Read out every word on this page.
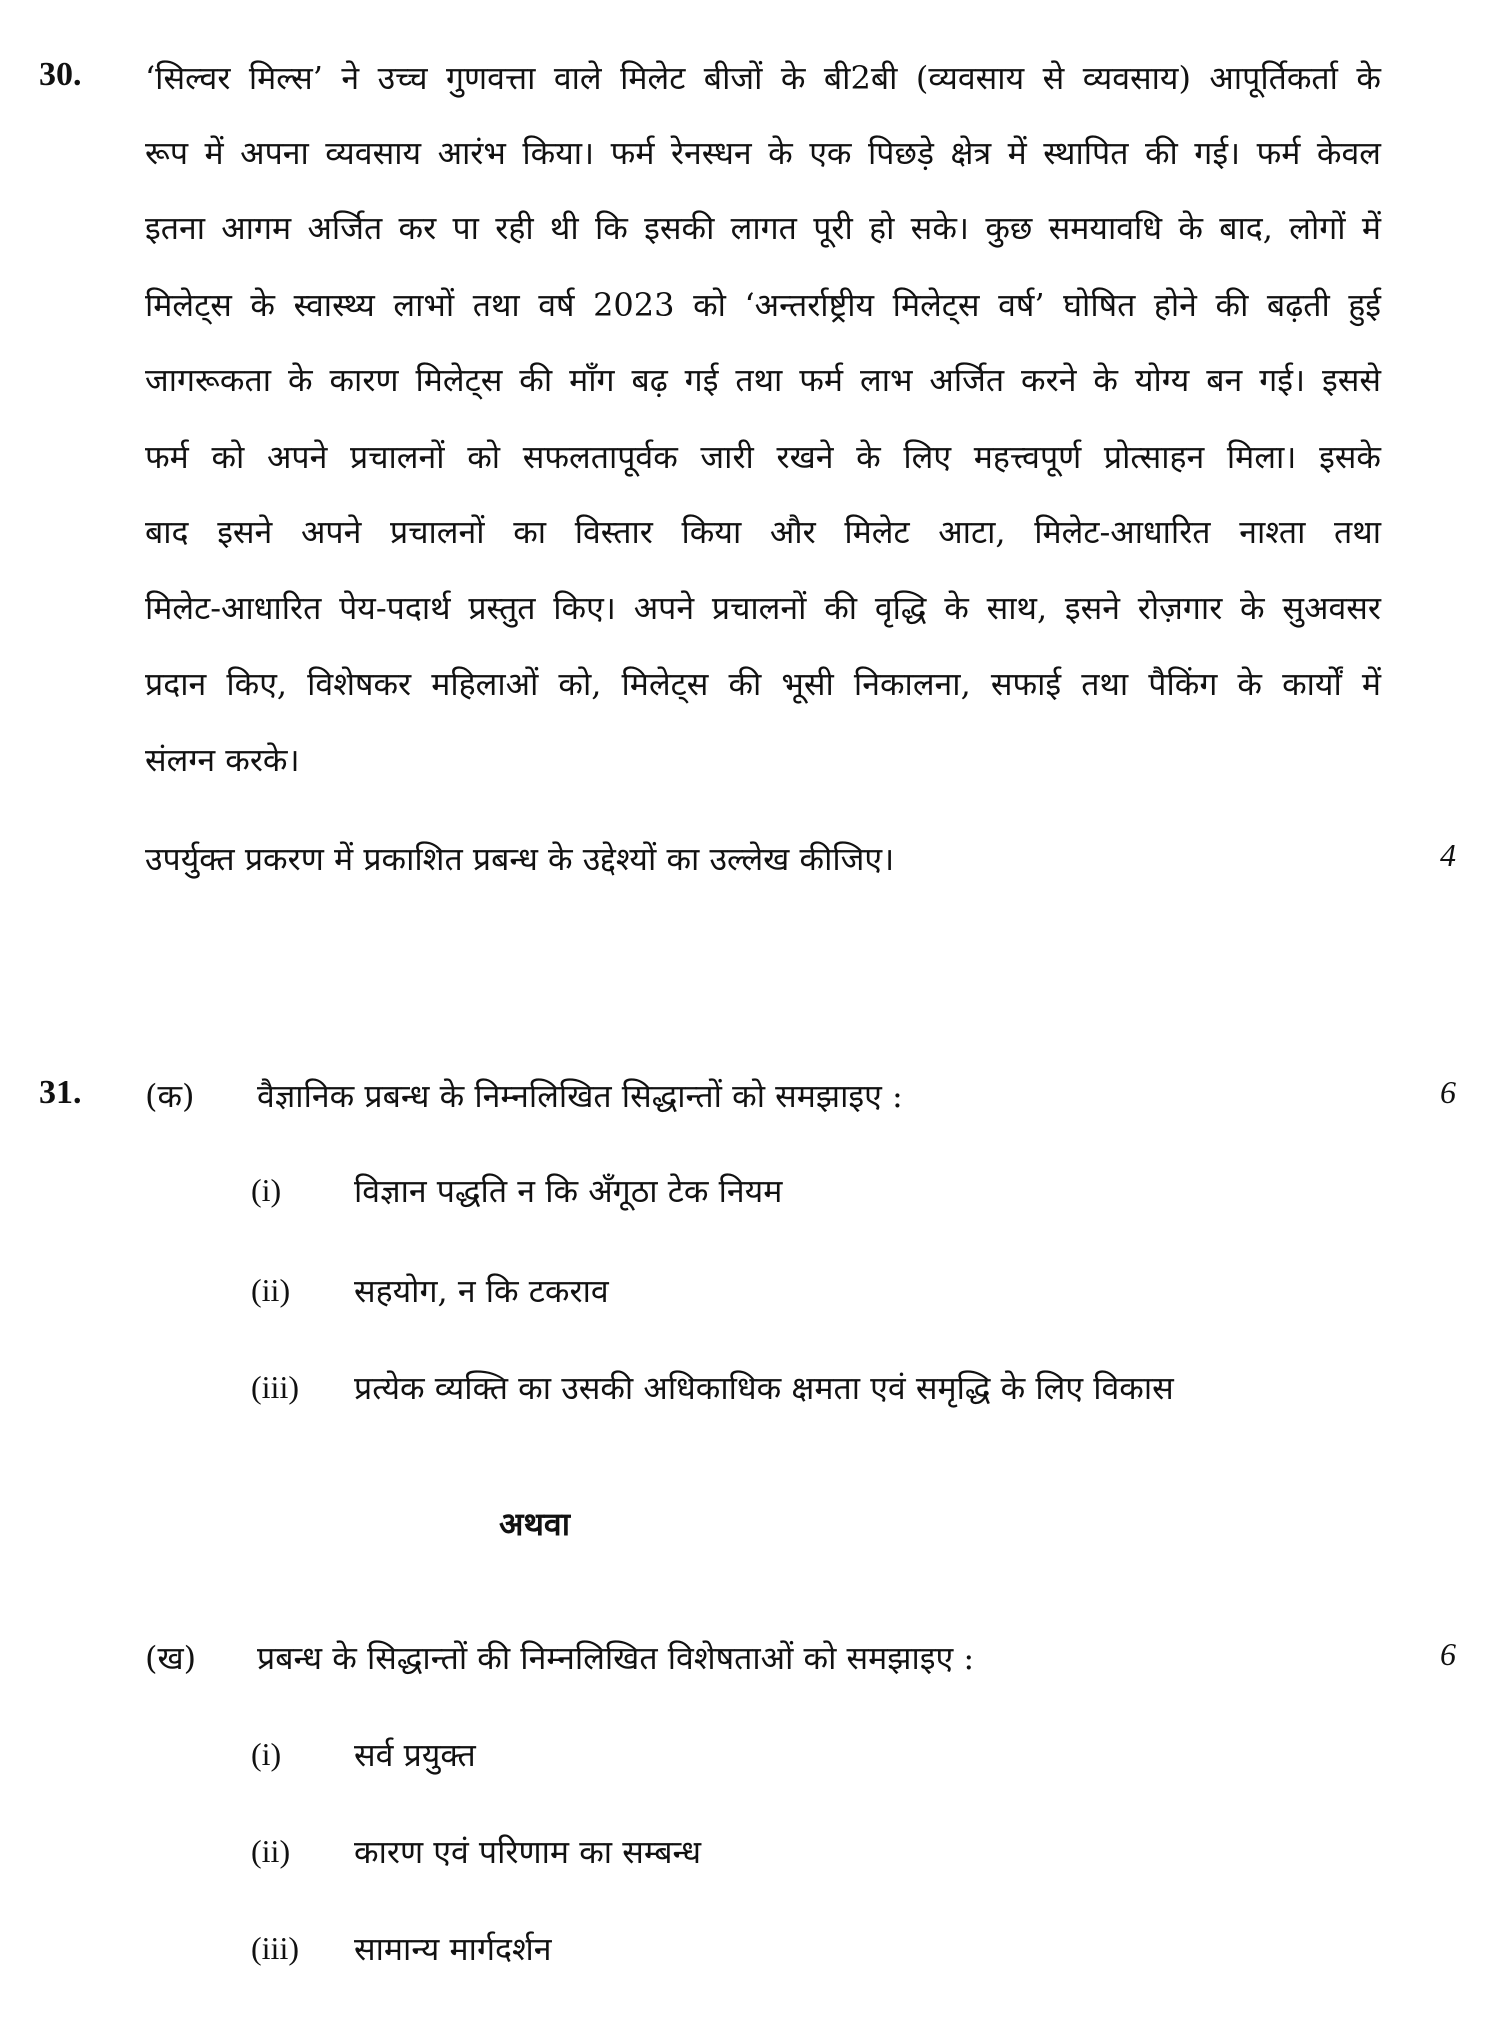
30. ‘सिल्वर मिल्स’ ने उच्च गुणवत्ता वाले मिलेट बीजों के बी2बी (व्यवसाय से व्यवसाय) आपूर्तिकर्ता के
रूप में अपना व्यवसाय आरंभ किया। फर्म रेनस्धन के एक पिछड़े क्षेत्र में स्थापित की गई। फर्म केवल
इतना आगम अर्जित कर पा रही थी कि इसकी लागत पूरी हो सके। कुछ समयावधि के बाद, लोगों में
मिलेट्स के स्वास्थ्य लाभों तथा वर्ष 2023 को ‘अन्तर्राष्ट्रीय मिलेट्स वर्ष’ घोषित होने की बढ़ती हुई
जागरूकता के कारण मिलेट्स की माँग बढ़ गई तथा फर्म लाभ अर्जित करने के योग्य बन गई। इससे
फर्म को अपने प्रचालनों को सफलतापूर्वक जारी रखने के लिए महत्त्वपूर्ण प्रोत्साहन मिला। इसके
बाद इसने अपने प्रचालनों का विस्तार किया और मिलेट आटा, मिलेट-आधारित नाश्ता तथा
मिलेट-आधारित पेय-पदार्थ प्रस्तुत किए। अपने प्रचालनों की वृद्धि के साथ, इसने रोज़गार के सुअवसर
प्रदान किए, विशेषकर महिलाओं को, मिलेट्स की भूसी निकालना, सफाई तथा पैकिंग के कार्यों में
संलग्न करके।
उपर्युक्त प्रकरण में प्रकाशित प्रबन्ध के उद्देश्यों का उल्लेख कीजिए।	4
31. (क) वैज्ञानिक प्रबन्ध के निम्नलिखित सिद्धान्तों को समझाइए :	6
(i) विज्ञान पद्धति न कि अँगूठा टेक नियम
(ii) सहयोग, न कि टकराव
(iii) प्रत्येक व्यक्ति का उसकी अधिकाधिक क्षमता एवं समृद्धि के लिए विकास
अथवा
(ख) प्रबन्ध के सिद्धान्तों की निम्नलिखित विशेषताओं को समझाइए :	6
(i) सर्व प्रयुक्त
(ii) कारण एवं परिणाम का सम्बन्ध
(iii) सामान्य मार्गदर्शन
